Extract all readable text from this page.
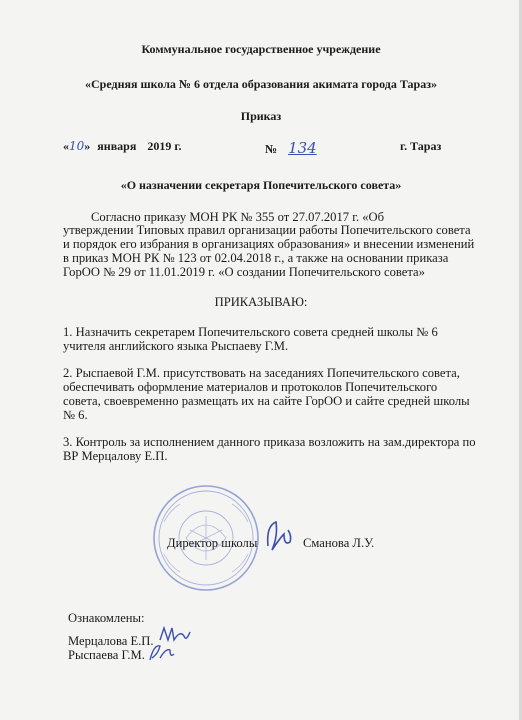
Коммунальное государственное учреждение
«Средняя школа № 6 отдела образования акимата города Тараз»
Приказ
«10» января 2019 г.	№ 134	г. Тараз
«О назначении секретаря Попечительского совета»
Согласно приказу МОН РК № 355 от 27.07.2017 г. «Об
утверждении Типовых правил организации работы Попечительского совета
и порядок его избрания в организациях образования» и внесении изменений
в приказ МОН РК № 123 от 02.04.2018 г., а также на основании приказа
ГорОО № 29 от 11.01.2019 г. «О создании Попечительского совета»
ПРИКАЗЫВАЮ:
1. Назначить секретарем Попечительского совета средней школы № 6
учителя английского языка Рыспаеву Г.М.
2. Рыспаевой Г.М. присутствовать на заседаниях Попечительского совета,
обеспечивать оформление материалов и протоколов Попечительского
совета, своевременно размещать их на сайте ГорОО и сайте средней школы
№ 6.
3. Контроль за исполнением данного приказа возложить на зам.директора по
ВР Мерцалову Е.П.
Директор школы	Сманова Л.У.
Ознакомлены:
Мерцалова Е.П.
Рыспаева Г.М.
